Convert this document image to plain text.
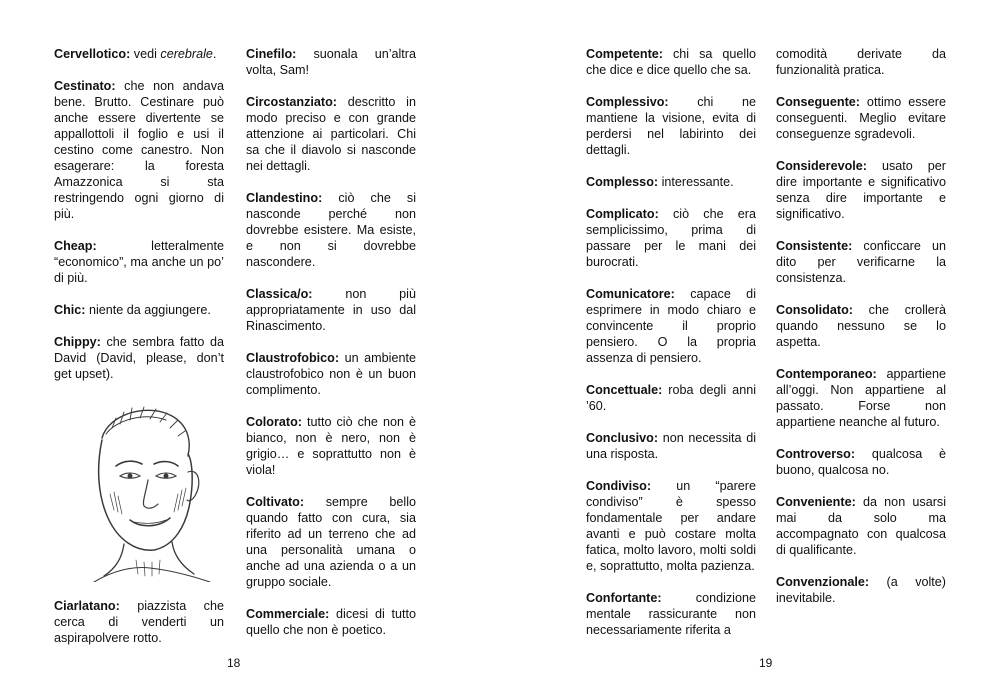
Cervellotico: vedi cerebrale.

Cestinato: che non andava bene. Brutto. Cestinare può anche essere divertente se appallottoli il foglio e usi il cestino come canestro. Non esagerare: la foresta Amazzonica si sta restringendo ogni giorno di più.

Cheap: letteralmente “economico”, ma anche un po’ di più.

Chic: niente da aggiungere.

Chippy: che sembra fatto da David (David, please, don’t get upset).

Ciarlatano: piazzista che cerca di venderti un aspirapolvere rotto.

Cinefilo: suonala un’altra volta, Sam!

Circostanziato: descritto in modo preciso e con grande attenzione ai particolari. Chi sa che il diavolo si nasconde nei dettagli.

Clandestino: ciò che si nasconde perché non dovrebbe esistere. Ma esiste, e non si dovrebbe nascondere.

Classica/o: non più appropriatamente in uso dal Rinascimento.

Claustrofobico: un ambiente claustrofobico non è un buon complimento.

Colorato: tutto ciò che non è bianco, non è nero, non è grigio… e soprattutto non è viola!

Coltivato: sempre bello quando fatto con cura, sia riferito ad un terreno che ad una personalità umana o anche ad una azienda o a un gruppo sociale.

Commerciale: dicesi di tutto quello che non è poetico.

Competente: chi sa quello che dice e dice quello che sa.

Complessivo: chi ne mantiene la visione, evita di perdersi nel labirinto dei dettagli.

Complesso: interessante.

Complicato: ciò che era semplicissimo, prima di passare per le mani dei burocrati.

Comunicatore: capace di esprimere in modo chiaro e convincente il proprio pensiero. O la propria assenza di pensiero.

Concettuale: roba degli anni ’60.

Conclusivo: non necessita di una risposta.

Condiviso: un “parere condiviso” è spesso fondamentale per andare avanti e può costare molta fatica, molto lavoro, molti soldi e, soprattutto, molta pazienza.

Confortante: condizione mentale rassicurante non necessariamente riferita a

comodità derivate da funzionalità pratica.

Conseguente: ottimo essere conseguenti. Meglio evitare conseguenze sgradevoli.

Considerevole: usato per dire importante e significativo senza dire importante e significativo.

Consistente: conficcare un dito per verificarne la consistenza.

Consolidato: che crollerà quando nessuno se lo aspetta.

Contemporaneo: appartiene all’oggi. Non appartiene al passato. Forse non appartiene neanche al futuro.

Controverso: qualcosa è buono, qualcosa no.

Conveniente: da non usarsi mai da solo ma accompagnato con qualcosa di qualificante.

Convenzionale: (a volte) inevitabile.

18	19
